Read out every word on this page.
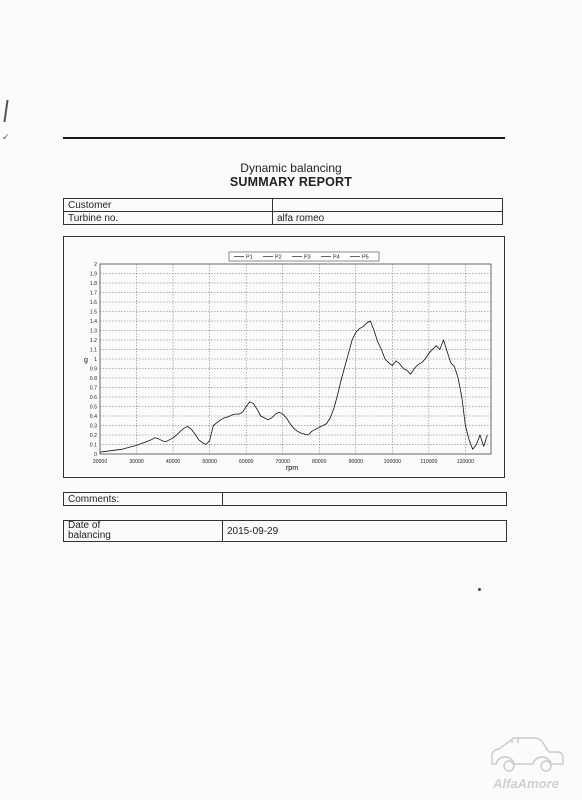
✓
Dynamic balancing
SUMMARY REPORT
Customer	
Turbine no.	alfa romeo
0
0.1
0.2
0.3
0.4
0.5
0.6
0.7
0.8
0.9
1
1.1
1.2
1.3
1.4
1.5
1.6
1.7
1.8
1.9
2
20000	30000	40000	50000	60000	70000	80000	90000	100000	110000	120000
P1	P2	P3	P4	P5
rpm
g
Comments:	
Date of
balancing	2015-09-29
AlfaAmore
